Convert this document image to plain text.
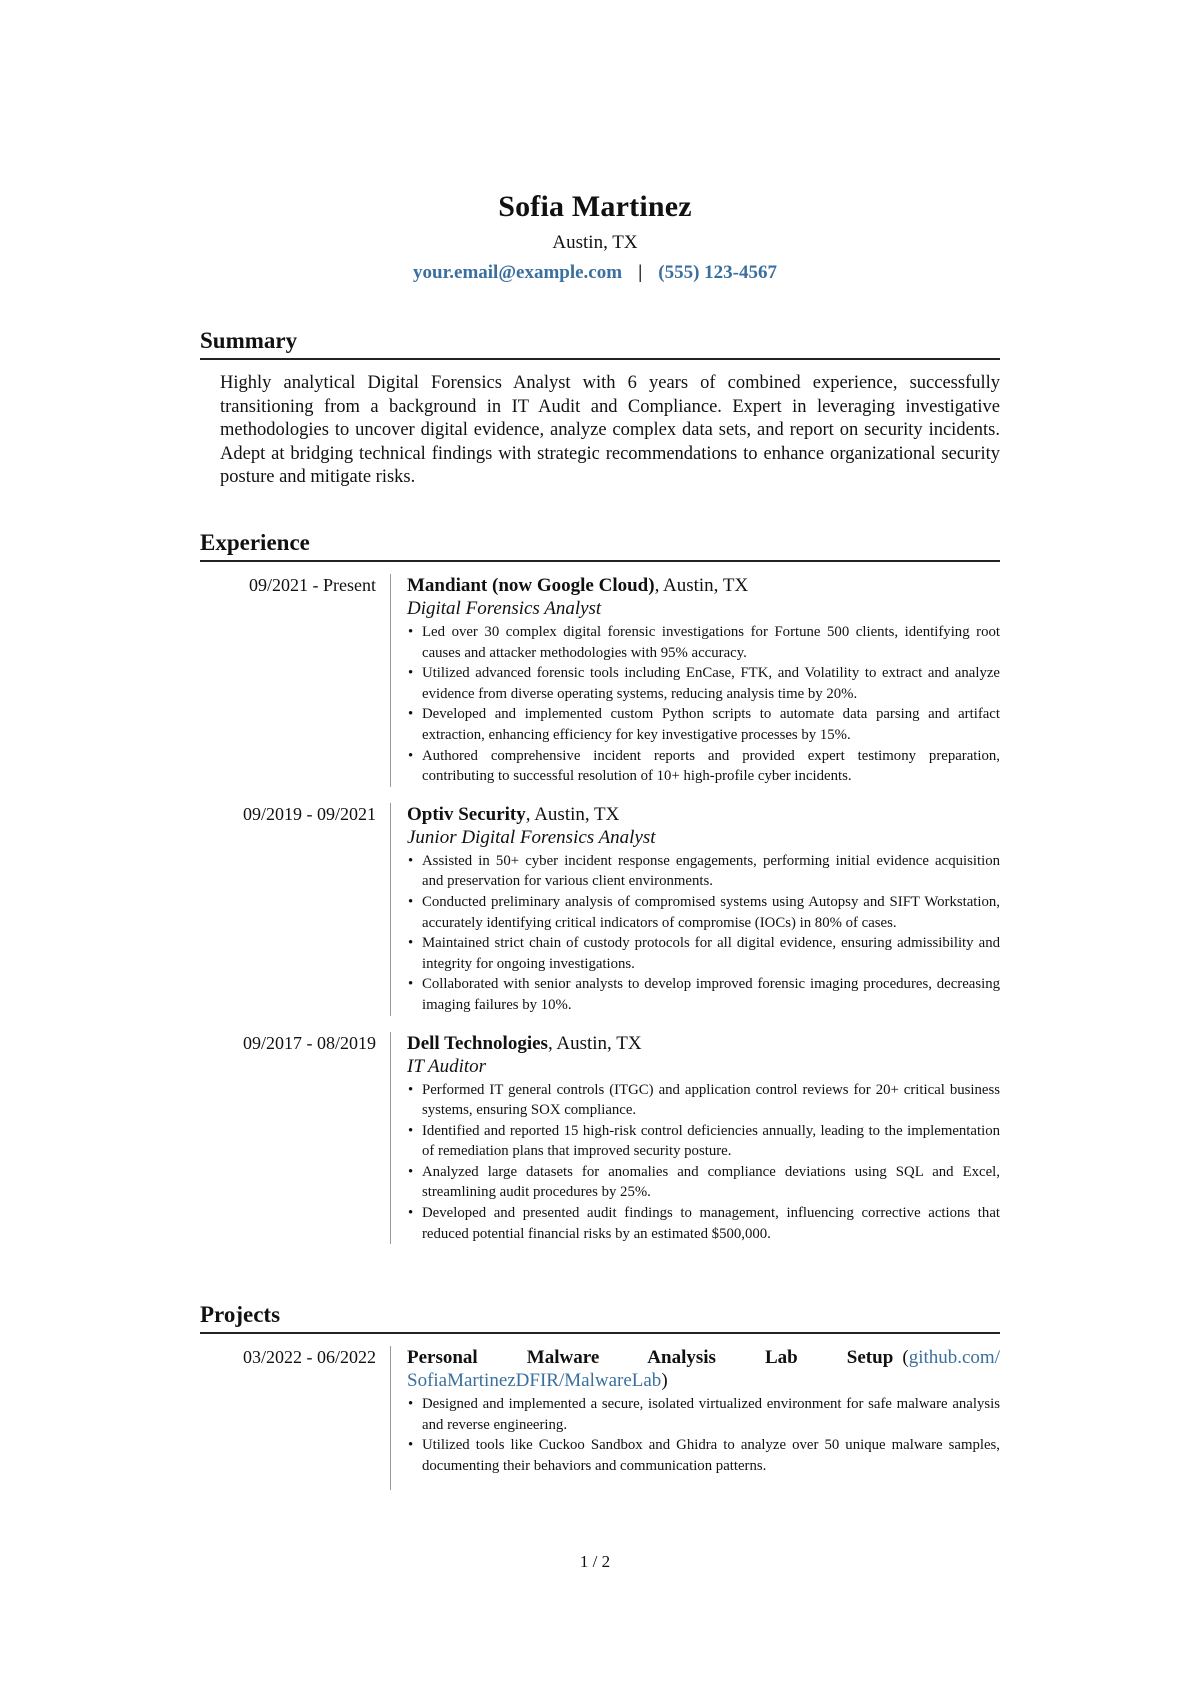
Sofia Martinez
Austin, TX
your.email@example.com | (555) 123-4567
Summary
Highly analytical Digital Forensics Analyst with 6 years of combined experience, successfully transitioning from a background in IT Audit and Compliance. Expert in leveraging investigative methodologies to uncover digital evidence, analyze complex data sets, and report on security incidents. Adept at bridging technical findings with strategic recommendations to enhance organizational security posture and mitigate risks.
Experience
09/2021 - Present Mandiant (now Google Cloud), Austin, TX
Digital Forensics Analyst
• Led over 30 complex digital forensic investigations for Fortune 500 clients, identifying root causes and attacker methodologies with 95% accuracy.
• Utilized advanced forensic tools including EnCase, FTK, and Volatility to extract and analyze evidence from diverse operating systems, reducing analysis time by 20%.
• Developed and implemented custom Python scripts to automate data parsing and artifact extraction, enhancing efficiency for key investigative processes by 15%.
• Authored comprehensive incident reports and provided expert testimony preparation, contributing to successful resolution of 10+ high-profile cyber incidents.
09/2019 - 09/2021 Optiv Security, Austin, TX
Junior Digital Forensics Analyst
• Assisted in 50+ cyber incident response engagements, performing initial evidence acquisition and preservation for various client environments.
• Conducted preliminary analysis of compromised systems using Autopsy and SIFT Workstation, accurately identifying critical indicators of compromise (IOCs) in 80% of cases.
• Maintained strict chain of custody protocols for all digital evidence, ensuring admissibility and integrity for ongoing investigations.
• Collaborated with senior analysts to develop improved forensic imaging procedures, decreasing imaging failures by 10%.
09/2017 - 08/2019 Dell Technologies, Austin, TX
IT Auditor
• Performed IT general controls (ITGC) and application control reviews for 20+ critical business systems, ensuring SOX compliance.
• Identified and reported 15 high-risk control deficiencies annually, leading to the implementation of remediation plans that improved security posture.
• Analyzed large datasets for anomalies and compliance deviations using SQL and Excel, streamlining audit procedures by 25%.
• Developed and presented audit findings to management, influencing corrective actions that reduced potential financial risks by an estimated $500,000.
Projects
03/2022 - 06/2022 Personal Malware Analysis Lab Setup (github.com/
SofiaMartinezDFIR/MalwareLab)
• Designed and implemented a secure, isolated virtualized environment for safe malware analysis and reverse engineering.
• Utilized tools like Cuckoo Sandbox and Ghidra to analyze over 50 unique malware samples, documenting their behaviors and communication patterns.
1 / 2
